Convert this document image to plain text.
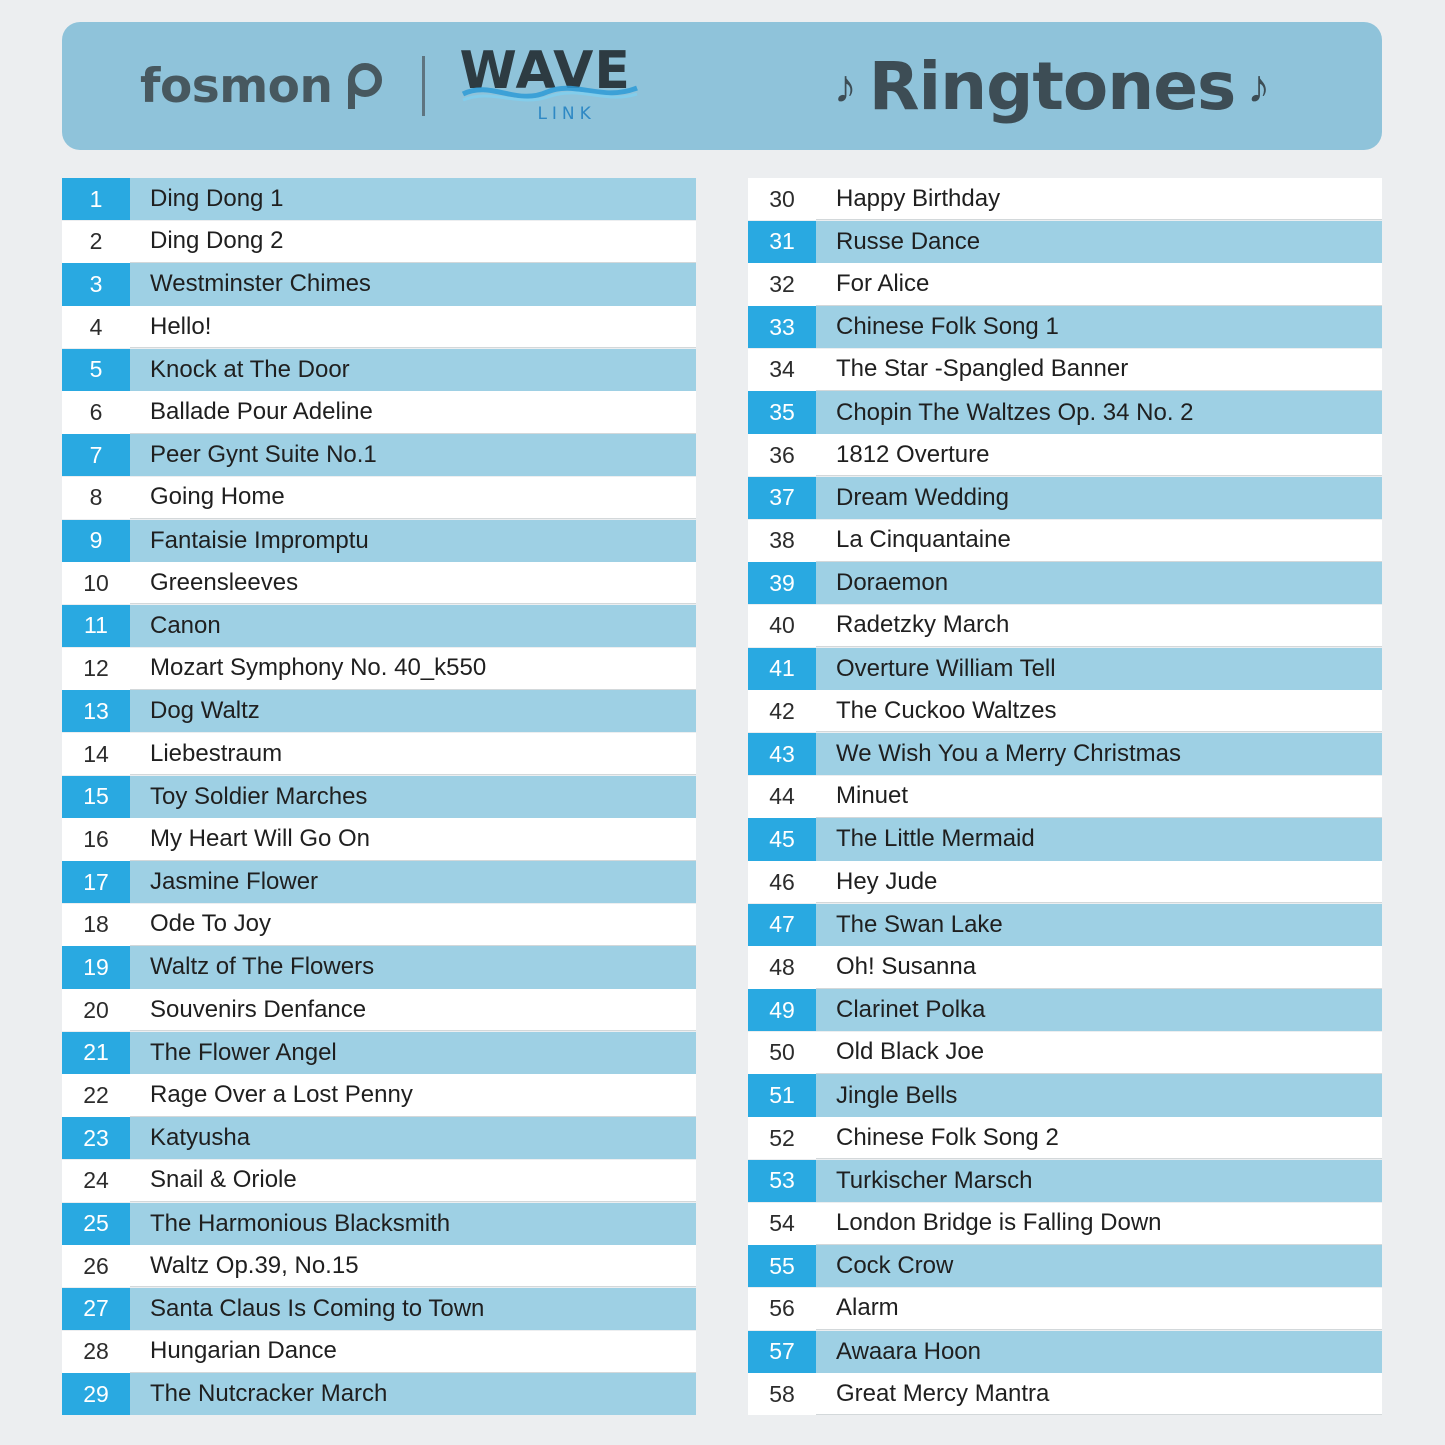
fosmon WAVE
LINK
♪ Ringtones ♪
1	Ding Dong 1
2	Ding Dong 2
3	Westminster Chimes
4	Hello!
5	Knock at The Door
6	Ballade Pour Adeline
7	Peer Gynt Suite No.1
8	Going Home
9	Fantaisie Impromptu
10	Greensleeves
11	Canon
12	Mozart Symphony No. 40_k550
13	Dog Waltz
14	Liebestraum
15	Toy Soldier Marches
16	My Heart Will Go On
17	Jasmine Flower
18	Ode To Joy
19	Waltz of The Flowers
20	Souvenirs Denfance
21	The Flower Angel
22	Rage Over a Lost Penny
23	Katyusha
24	Snail & Oriole
25	The Harmonious Blacksmith
26	Waltz Op.39, No.15
27	Santa Claus Is Coming to Town
28	Hungarian Dance
29	The Nutcracker March
30	Happy Birthday
31	Russe Dance
32	For Alice
33	Chinese Folk Song 1
34	The Star -Spangled Banner
35	Chopin The Waltzes Op. 34 No. 2
36	1812 Overture
37	Dream Wedding
38	La Cinquantaine
39	Doraemon
40	Radetzky March
41	Overture William Tell
42	The Cuckoo Waltzes
43	We Wish You a Merry Christmas
44	Minuet
45	The Little Mermaid
46	Hey Jude
47	The Swan Lake
48	Oh! Susanna
49	Clarinet Polka
50	Old Black Joe
51	Jingle Bells
52	Chinese Folk Song 2
53	Turkischer Marsch
54	London Bridge is Falling Down
55	Cock Crow
56	Alarm
57	Awaara Hoon
58	Great Mercy Mantra
